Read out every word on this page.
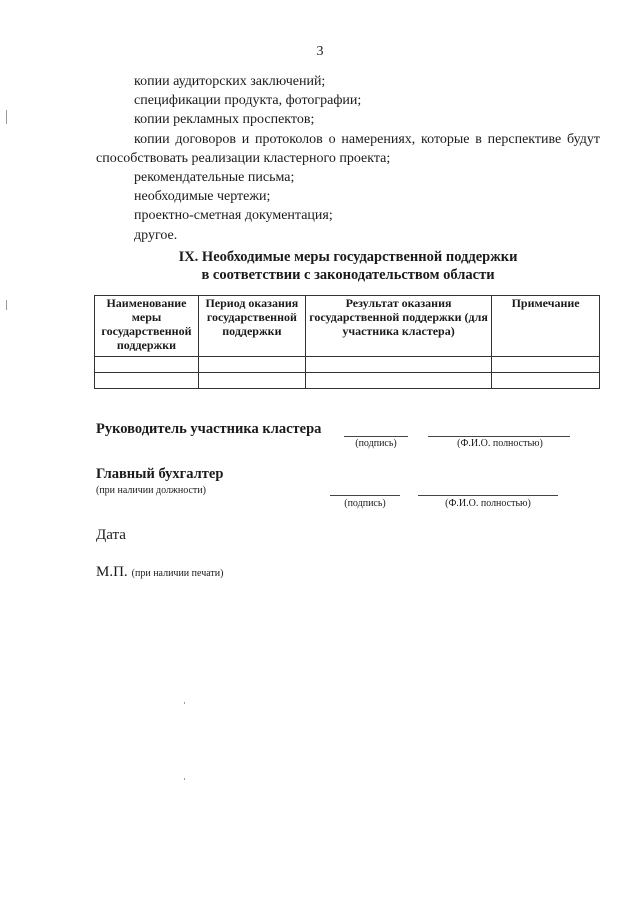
3
копии аудиторских заключений;
спецификации продукта, фотографии;
копии рекламных проспектов;
копии договоров и протоколов о намерениях, которые в перспективе будут способствовать реализации кластерного проекта;
рекомендательные письма;
необходимые чертежи;
проектно-сметная документация;
другое.
IX. Необходимые меры государственной поддержки
в соответствии с законодательством области
Наименование меры государственной поддержки	Период оказания государственной поддержки	Результат оказания государственной поддержки (для участника кластера)	Примечание

Руководитель участника кластера
(подпись)	(Ф.И.О. полностью)
Главный бухгалтер
(при наличии должности)
(подпись)	(Ф.И.О. полностью)
Дата
М.П. (при наличии печати)
